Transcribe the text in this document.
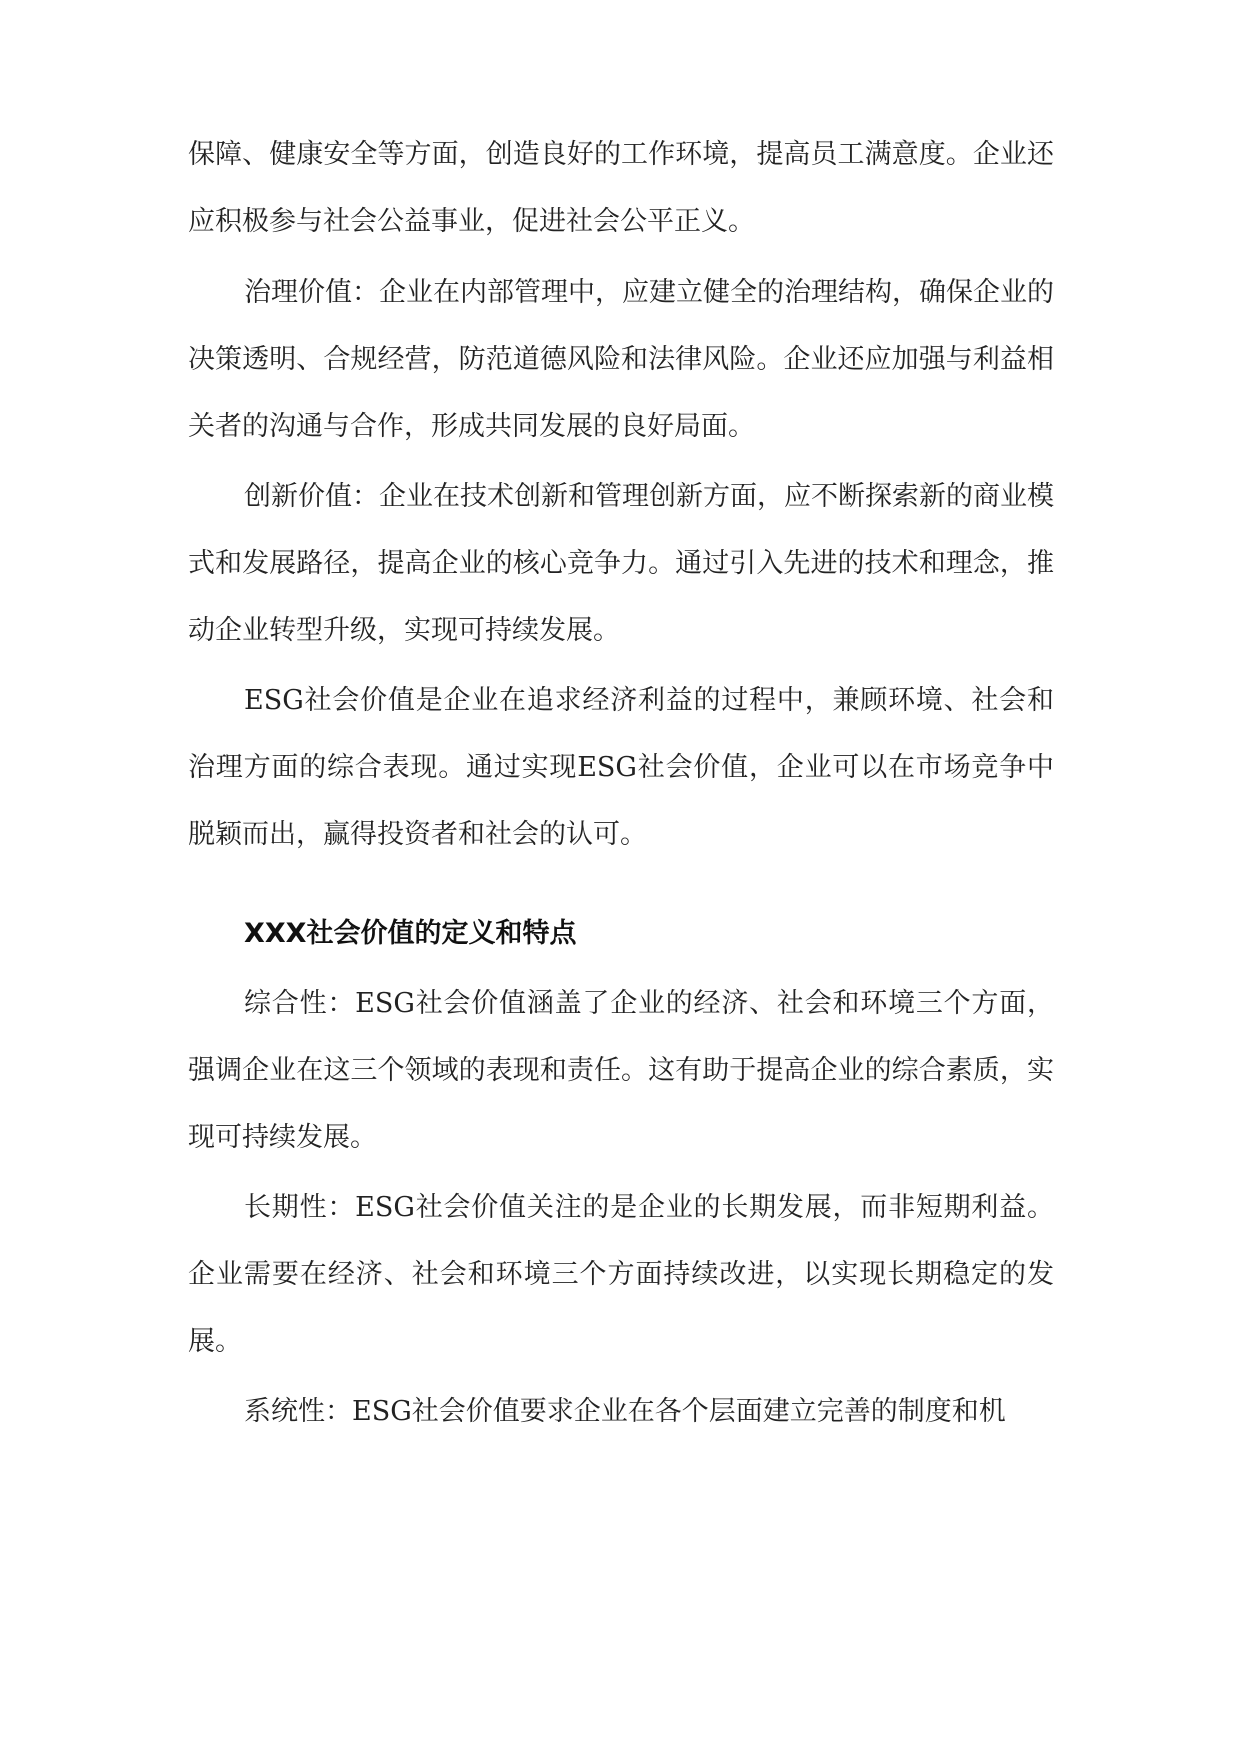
保障、健康安全等方面，创造良好的工作环境，提高员工满意度。企业还应积极参与社会公益事业，促进社会公平正义。

治理价值：企业在内部管理中，应建立健全的治理结构，确保企业的决策透明、合规经营，防范道德风险和法律风险。企业还应加强与利益相关者的沟通与合作，形成共同发展的良好局面。

创新价值：企业在技术创新和管理创新方面，应不断探索新的商业模式和发展路径，提高企业的核心竞争力。通过引入先进的技术和理念，推动企业转型升级，实现可持续发展。

ESG社会价值是企业在追求经济利益的过程中，兼顾环境、社会和治理方面的综合表现。通过实现ESG社会价值，企业可以在市场竞争中脱颖而出，赢得投资者和社会的认可。

XXX社会价值的定义和特点

综合性：ESG社会价值涵盖了企业的经济、社会和环境三个方面，强调企业在这三个领域的表现和责任。这有助于提高企业的综合素质，实现可持续发展。

长期性：ESG社会价值关注的是企业的长期发展，而非短期利益。企业需要在经济、社会和环境三个方面持续改进，以实现长期稳定的发展。

系统性：ESG社会价值要求企业在各个层面建立完善的制度和机
